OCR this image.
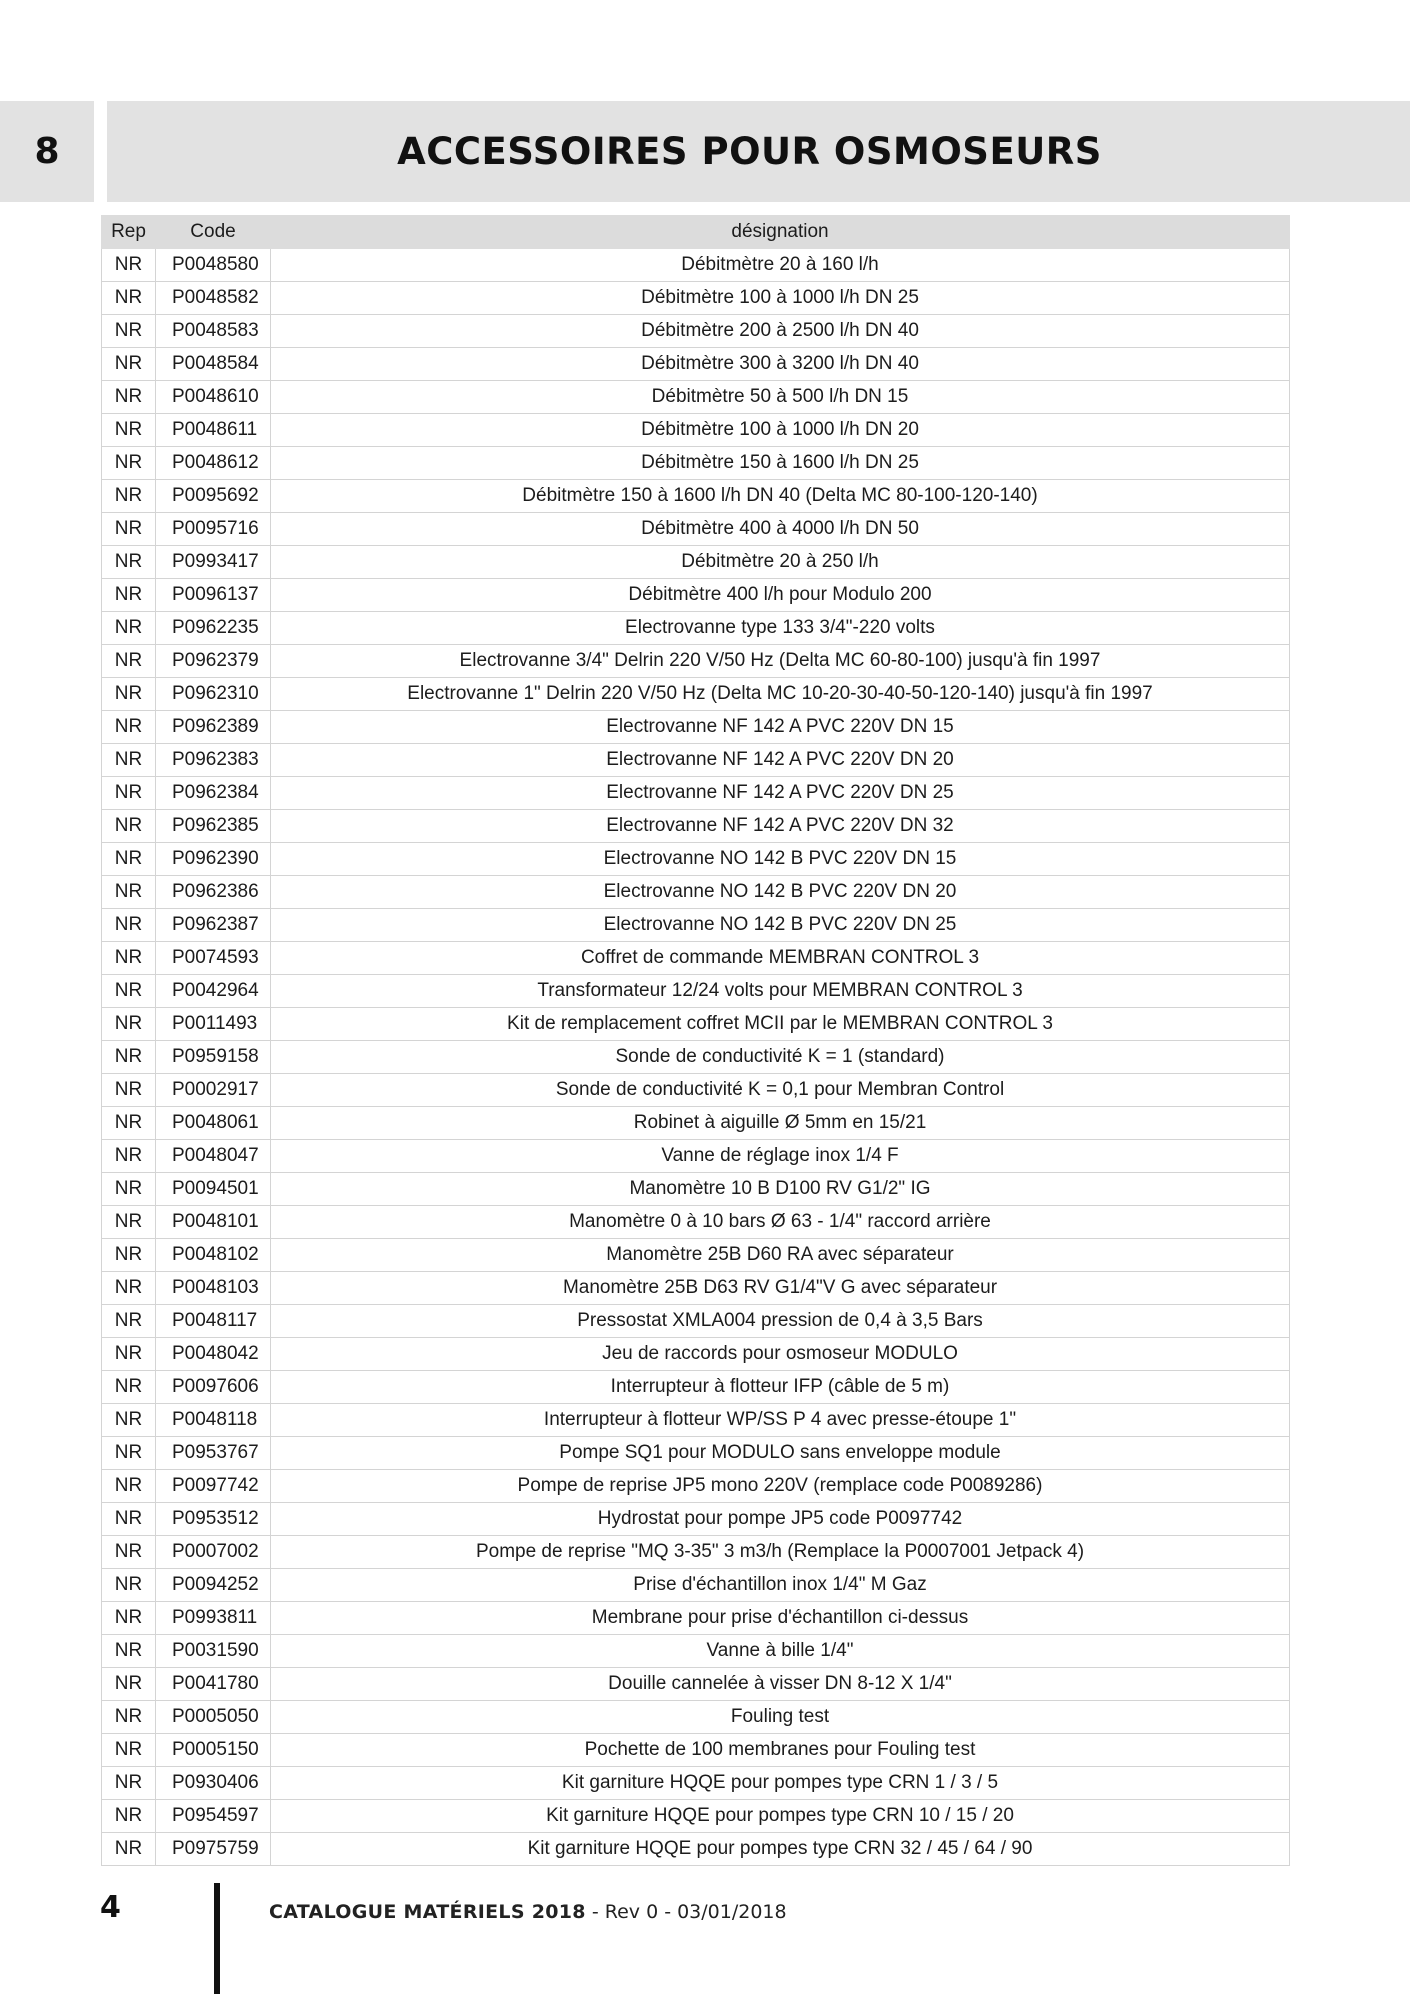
8	ACCESSOIRES POUR OSMOSEURS
Rep	Code	désignation
NR	P0048580	Débitmètre 20 à 160 l/h
NR	P0048582	Débitmètre 100 à 1000 l/h DN 25
NR	P0048583	Débitmètre 200 à 2500 l/h DN 40
NR	P0048584	Débitmètre 300 à 3200 l/h DN 40
NR	P0048610	Débitmètre 50 à 500 l/h DN 15
NR	P0048611	Débitmètre 100 à 1000 l/h DN 20
NR	P0048612	Débitmètre 150 à 1600 l/h DN 25
NR	P0095692	Débitmètre 150 à 1600 l/h DN 40 (Delta MC 80-100-120-140)
NR	P0095716	Débitmètre 400 à 4000 l/h DN 50
NR	P0993417	Débitmètre 20 à 250 l/h
NR	P0096137	Débitmètre 400 l/h pour Modulo 200
NR	P0962235	Electrovanne type 133 3/4"-220 volts
NR	P0962379	Electrovanne 3/4" Delrin 220 V/50 Hz (Delta MC 60-80-100) jusqu'à fin 1997
NR	P0962310	Electrovanne 1" Delrin 220 V/50 Hz (Delta MC 10-20-30-40-50-120-140) jusqu'à fin 1997
NR	P0962389	Electrovanne NF 142 A PVC 220V DN 15
NR	P0962383	Electrovanne NF 142 A PVC 220V DN 20
NR	P0962384	Electrovanne NF 142 A PVC 220V DN 25
NR	P0962385	Electrovanne NF 142 A PVC 220V DN 32
NR	P0962390	Electrovanne NO 142 B PVC 220V DN 15
NR	P0962386	Electrovanne NO 142 B PVC 220V DN 20
NR	P0962387	Electrovanne NO 142 B PVC 220V DN 25
NR	P0074593	Coffret de commande MEMBRAN CONTROL 3
NR	P0042964	Transformateur 12/24 volts pour MEMBRAN CONTROL 3
NR	P0011493	Kit de remplacement coffret MCII par le MEMBRAN CONTROL 3
NR	P0959158	Sonde de conductivité K = 1 (standard)
NR	P0002917	Sonde de conductivité K = 0,1 pour Membran Control
NR	P0048061	Robinet à aiguille Ø 5mm en 15/21
NR	P0048047	Vanne de réglage inox 1/4 F
NR	P0094501	Manomètre 10 B D100 RV G1/2" IG
NR	P0048101	Manomètre 0 à 10 bars Ø 63 - 1/4" raccord arrière
NR	P0048102	Manomètre 25B D60 RA avec séparateur
NR	P0048103	Manomètre 25B D63 RV G1/4"V G avec séparateur
NR	P0048117	Pressostat XMLA004 pression de 0,4 à 3,5 Bars
NR	P0048042	Jeu de raccords pour osmoseur MODULO
NR	P0097606	Interrupteur à flotteur IFP (câble de 5 m)
NR	P0048118	Interrupteur à flotteur WP/SS P 4 avec presse-étoupe 1"
NR	P0953767	Pompe SQ1 pour MODULO sans enveloppe module
NR	P0097742	Pompe de reprise JP5 mono 220V (remplace code P0089286)
NR	P0953512	Hydrostat pour pompe JP5 code P0097742
NR	P0007002	Pompe de reprise "MQ 3-35" 3 m3/h (Remplace la P0007001 Jetpack 4)
NR	P0094252	Prise d'échantillon inox 1/4" M Gaz
NR	P0993811	Membrane pour prise d'échantillon ci-dessus
NR	P0031590	Vanne à bille 1/4"
NR	P0041780	Douille cannelée à visser DN 8-12 X 1/4"
NR	P0005050	Fouling test
NR	P0005150	Pochette de 100 membranes pour Fouling test
NR	P0930406	Kit garniture HQQE pour pompes type CRN 1 / 3 / 5
NR	P0954597	Kit garniture HQQE pour pompes type CRN 10 / 15 / 20
NR	P0975759	Kit garniture HQQE pour pompes type CRN 32 / 45 / 64 / 90
4	CATALOGUE MATÉRIELS 2018 - Rev 0 - 03/01/2018
